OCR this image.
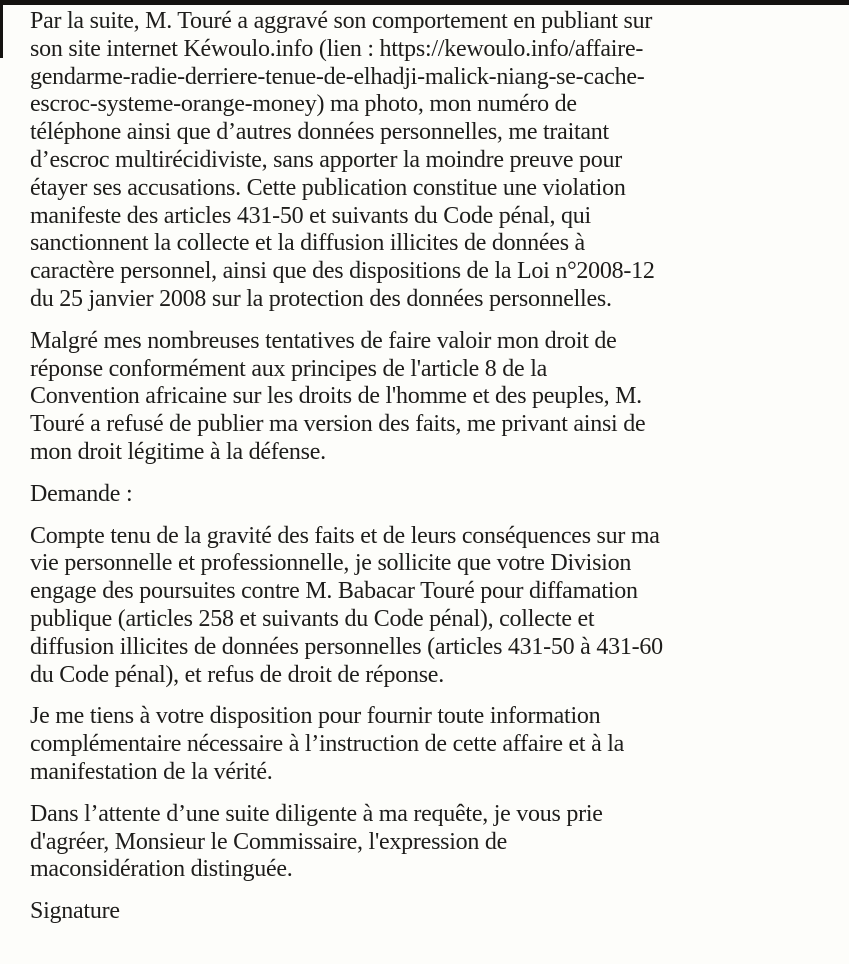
Par la suite, M. Touré a aggravé son comportement en publiant sur
son site internet Kéwoulo.info (lien : https://kewoulo.info/affaire-
gendarme-radie-derriere-tenue-de-elhadji-malick-niang-se-cache-
escroc-systeme-orange-money) ma photo, mon numéro de
téléphone ainsi que d’autres données personnelles, me traitant
d’escroc multirécidiviste, sans apporter la moindre preuve pour
étayer ses accusations. Cette publication constitue une violation
manifeste des articles 431-50 et suivants du Code pénal, qui
sanctionnent la collecte et la diffusion illicites de données à
caractère personnel, ainsi que des dispositions de la Loi n°2008-12
du 25 janvier 2008 sur la protection des données personnelles.

Malgré mes nombreuses tentatives de faire valoir mon droit de
réponse conformément aux principes de l'article 8 de la
Convention africaine sur les droits de l'homme et des peuples, M.
Touré a refusé de publier ma version des faits, me privant ainsi de
mon droit légitime à la défense.

Demande :

Compte tenu de la gravité des faits et de leurs conséquences sur ma
vie personnelle et professionnelle, je sollicite que votre Division
engage des poursuites contre M. Babacar Touré pour diffamation
publique (articles 258 et suivants du Code pénal), collecte et
diffusion illicites de données personnelles (articles 431-50 à 431-60
du Code pénal), et refus de droit de réponse.

Je me tiens à votre disposition pour fournir toute information
complémentaire nécessaire à l’instruction de cette affaire et à la
manifestation de la vérité.

Dans l’attente d’une suite diligente à ma requête, je vous prie
d'agréer, Monsieur le Commissaire, l'expression de
maconsidération distinguée.

Signature
